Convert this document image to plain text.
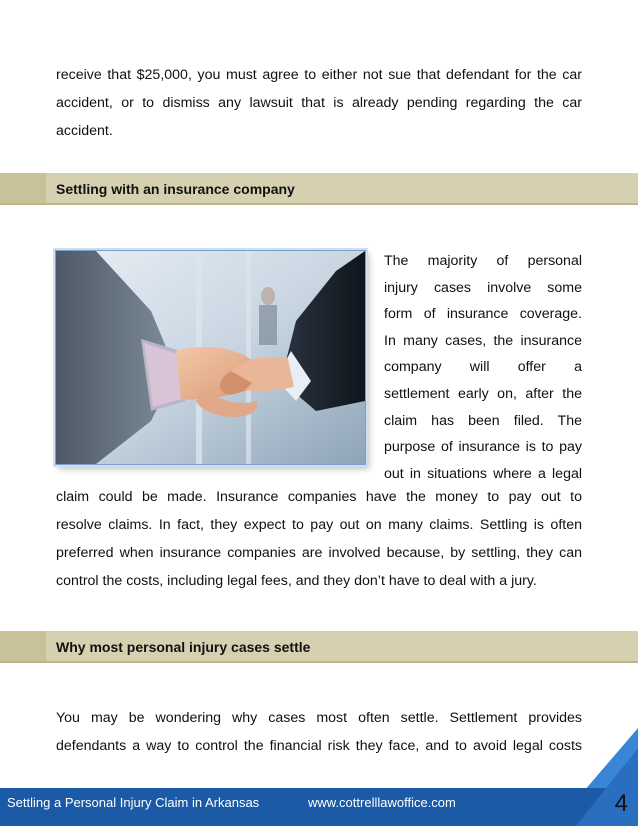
receive that $25,000, you must agree to either not sue that defendant for the car
accident, or to dismiss any lawsuit that is already pending regarding the car
accident.
Settling with an insurance company
The majority of personal
injury cases involve some
form of insurance coverage.
In many cases, the insurance
company will offer a
settlement early on, after the
claim has been filed. The
purpose of insurance is to pay
out in situations where a legal
claim could be made. Insurance companies have the money to pay out to
resolve claims. In fact, they expect to pay out on many claims. Settling is often
preferred when insurance companies are involved because, by settling, they can
control the costs, including legal fees, and they don’t have to deal with a jury.
Why most personal injury cases settle
You may be wondering why cases most often settle. Settlement provides
defendants a way to control the financial risk they face, and to avoid legal costs
Settling a Personal Injury Claim in Arkansas	www.cottrelllawoffice.com	4
